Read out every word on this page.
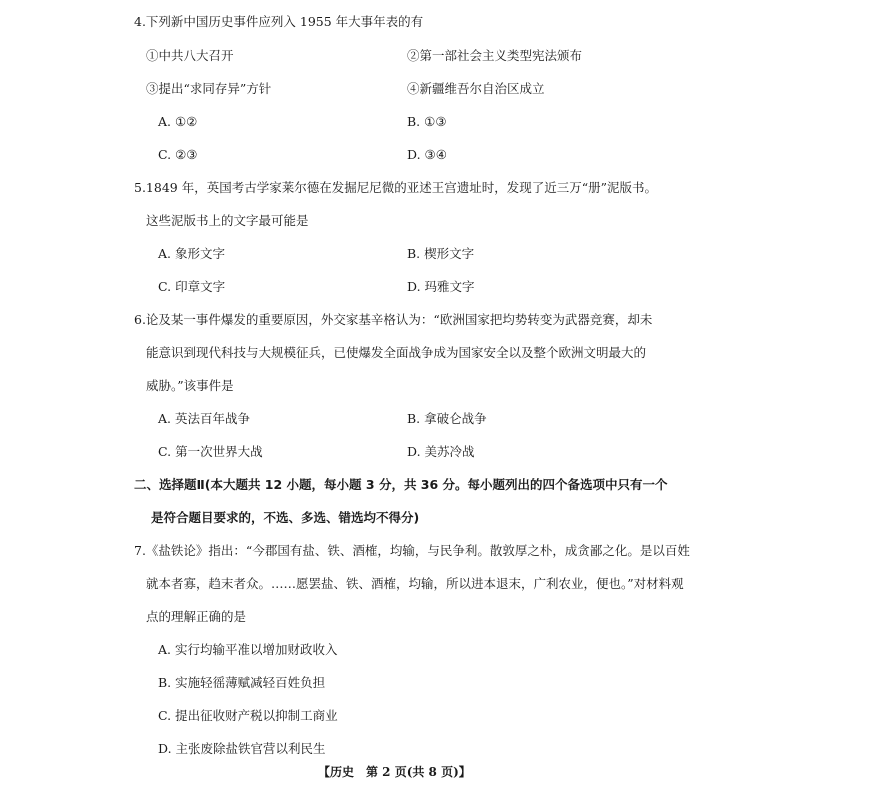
4.下列新中国历史事件应列入 1955 年大事年表的有
①中共八大召开	②第一部社会主义类型宪法颁布
③提出“求同存异”方针	④新疆维吾尔自治区成立
A. ①②	B. ①③
C. ②③	D. ③④
5.1849 年，英国考古学家莱尔德在发掘尼尼微的亚述王宫遗址时，发现了近三万“册”泥版书。
这些泥版书上的文字最可能是
A. 象形文字	B. 楔形文字
C. 印章文字	D. 玛雅文字
6.论及某一事件爆发的重要原因，外交家基辛格认为：“欧洲国家把均势转变为武器竞赛，却未
能意识到现代科技与大规模征兵，已使爆发全面战争成为国家安全以及整个欧洲文明最大的
威胁。”该事件是
A. 英法百年战争	B. 拿破仑战争
C. 第一次世界大战	D. 美苏冷战
二、选择题Ⅱ(本大题共 12 小题，每小题 3 分，共 36 分。每小题列出的四个备选项中只有一个
是符合题目要求的，不选、多选、错选均不得分)
7.《盐铁论》指出：“今郡国有盐、铁、酒榷，均输，与民争利。散敦厚之朴，成贪鄙之化。是以百姓
就本者寡，趋末者众。……愿罢盐、铁、酒榷，均输，所以进本退末，广利农业，便也。”对材料观
点的理解正确的是
A. 实行均输平准以增加财政收入
B. 实施轻徭薄赋减轻百姓负担
C. 提出征收财产税以抑制工商业
D. 主张废除盐铁官营以利民生
【历史　第 2 页(共 8 页)】
